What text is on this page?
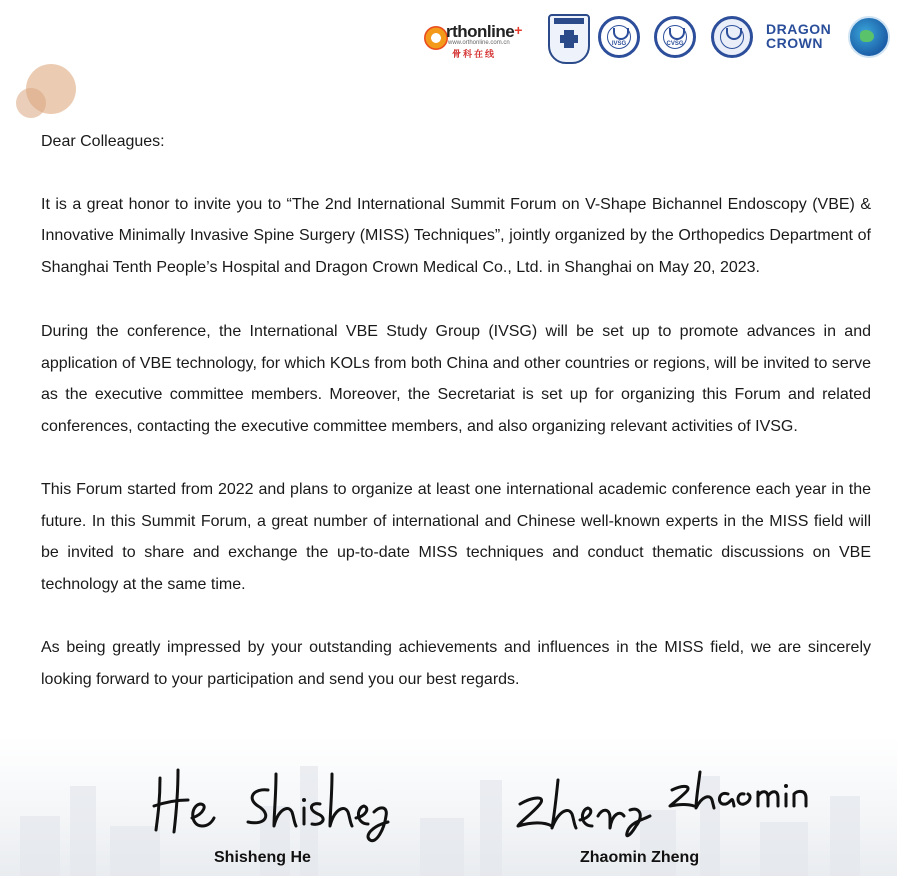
rthonline+
www.orthonline.com.cn
骨科在线
IVSG	CVSG
DRAGON
CROWN

Dear Colleagues:

It is a great honor to invite you to “The 2nd International Summit Forum on V-Shape Bichannel Endoscopy (VBE) & Innovative Minimally Invasive Spine Surgery (MISS) Techniques”, jointly organized by the Orthopedics Department of Shanghai Tenth People’s Hospital and Dragon Crown Medical Co., Ltd. in Shanghai on May 20, 2023.

During the conference, the International VBE Study Group (IVSG) will be set up to promote advances in and application of VBE technology, for which KOLs from both China and other countries or regions, will be invited to serve as the executive committee members. Moreover, the Secretariat is set up for organizing this Forum and related conferences, contacting the executive committee members, and also organizing relevant activities of IVSG.

This Forum started from 2022 and plans to organize at least one international academic conference each year in the future. In this Summit Forum, a great number of international and Chinese well-known experts in the MISS field will be invited to share and exchange the up-to-date MISS techniques and conduct thematic discussions on VBE technology at the same time.

As being greatly impressed by your outstanding achievements and influences in the MISS field, we are sincerely looking forward to your participation and send you our best regards.

Shisheng He	Zhaomin Zheng
